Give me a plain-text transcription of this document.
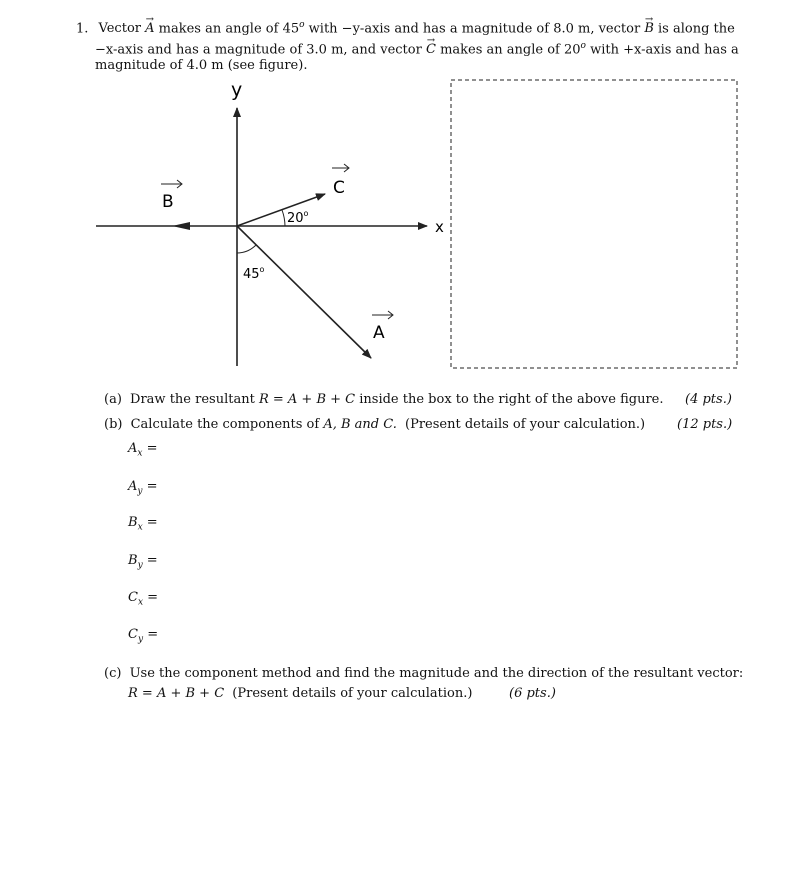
1. Vector → A makes an angle of 45$^o$ with −y-axis and has a magnitude of 8.0 m, vector → B is along the
−x-axis and has a magnitude of 3.0 m, and vector → C makes an angle of 20$^o$ with +x-axis and has a
magnitude of 4.0 m (see figure).
y
x
B
C
A
20$^o$
45$^o$
(a) Draw the resultant R = A + B + C inside the box to the right of the above figure. (4 pts.)
(b) Calculate the components of A, B and C. (Present details of your calculation.) (12 pts.)
$A_x$ =
$A_y$ =
$B_x$ =
$B_y$ =
$C_x$ =
$C_y$ =
(c) Use the component method and find the magnitude and the direction of the resultant vector:
R = A + B + C (Present details of your calculation.)	(6 pts.)
